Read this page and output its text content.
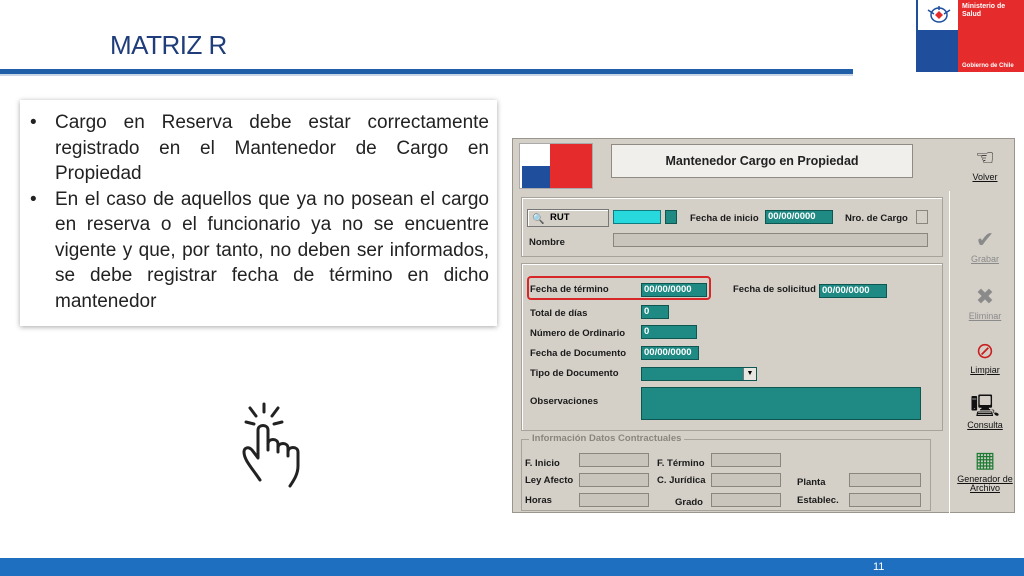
MATRIZ R
Ministerio de Salud
Gobierno de Chile
• Cargo en Reserva debe estar correctamente registrado en el Mantenedor de Cargo en Propiedad
• En el caso de aquellos que ya no posean el cargo en reserva o el funcionario ya no se encuentre vigente y que, por tanto, no deben ser informados, se debe registrar fecha de término en dicho mantenedor
Mantenedor Cargo en Propiedad	☜
Volver
✔
Grabar
✖
Eliminar
⊘
Limpiar
🖳
Consulta
▦
Generador de Archivo
🔍 RUT	Fecha de inicio 00/00/0000	Nro. de Cargo
Nombre
Fecha de término	00/00/0000	Fecha de solicitud 00/00/0000
Total de días	0
Número de Ordinario	0
Fecha de Documento	00/00/0000
Tipo de Documento	▼
Observaciones
Información Datos Contractuales
F. Inicio	F. Término
Ley Afecto	C. Jurídica	Planta
Horas	Grado	Establec.
11
